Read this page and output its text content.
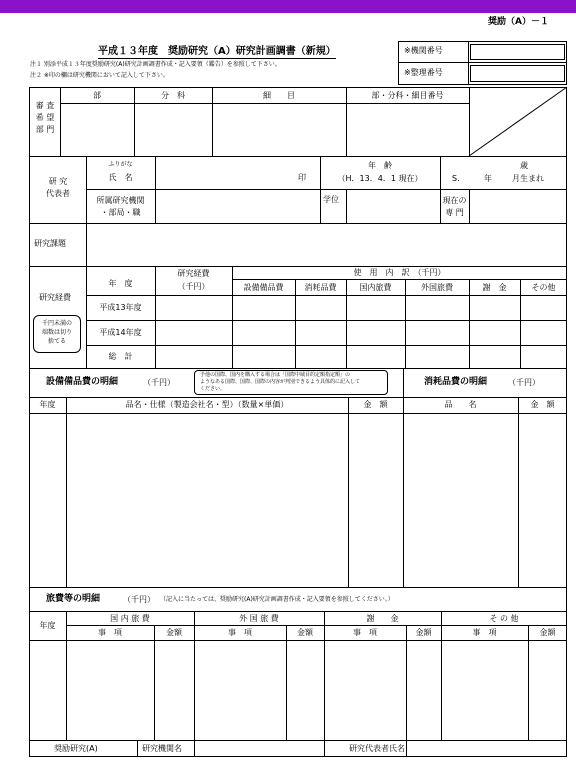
奨励（A）－１
平成１３年度　奨励研究（A）研究計画調書（新規）
注１ 別添平成１３年度奨励研究(A)研究計画調書作成・記入要領（鑑告）を参照して下さい。
注２ ※印の欄は研究機関において記入して下さい。
※機関番号
※整理番号
審 査
希 望
部 門
部	分　科	細　　目	部・分科・細目番号
研 究
代表者
ふりがな
氏　名	印
年　齢
（H．13．4．1 現在）
歳
S.	年	月生まれ
所属研究機関
・部局・職
学位	現在の
専 門
研究課題
研究経費
千円未満の
端数は切り
捨てる
年　度
研究経費
（千円）
使　用　内　訳　（千円）
設備備品費	消耗品費	国内旅費	外国旅費	謝　金	その他
平成13年度
平成14年度
総　計
設備備品費の明細	（千円）
予他の国際、国内を購入する場合は「国際中域目的定額指定額」の
ようなある国際、国際、国際の内容が判別できるよう具体的に記入して
ください。
消耗品費の明細	（千円）
年度	品名・仕様（製造会社名・型）（数量×単価）	金　額	品　　名	金　額
旅費等の明細	（千円） （記入に当たっては、奨励研究(A)研究計画調書作成・記入要領を参照してください。）
年度
国 内 旅 費	外 国 旅 費	謝　　金	そ の 他
事　項	金額	事　項	金額	事　項	金額	事　項	金額
奨励研究(A)	研究機関名	研究代表者氏名
